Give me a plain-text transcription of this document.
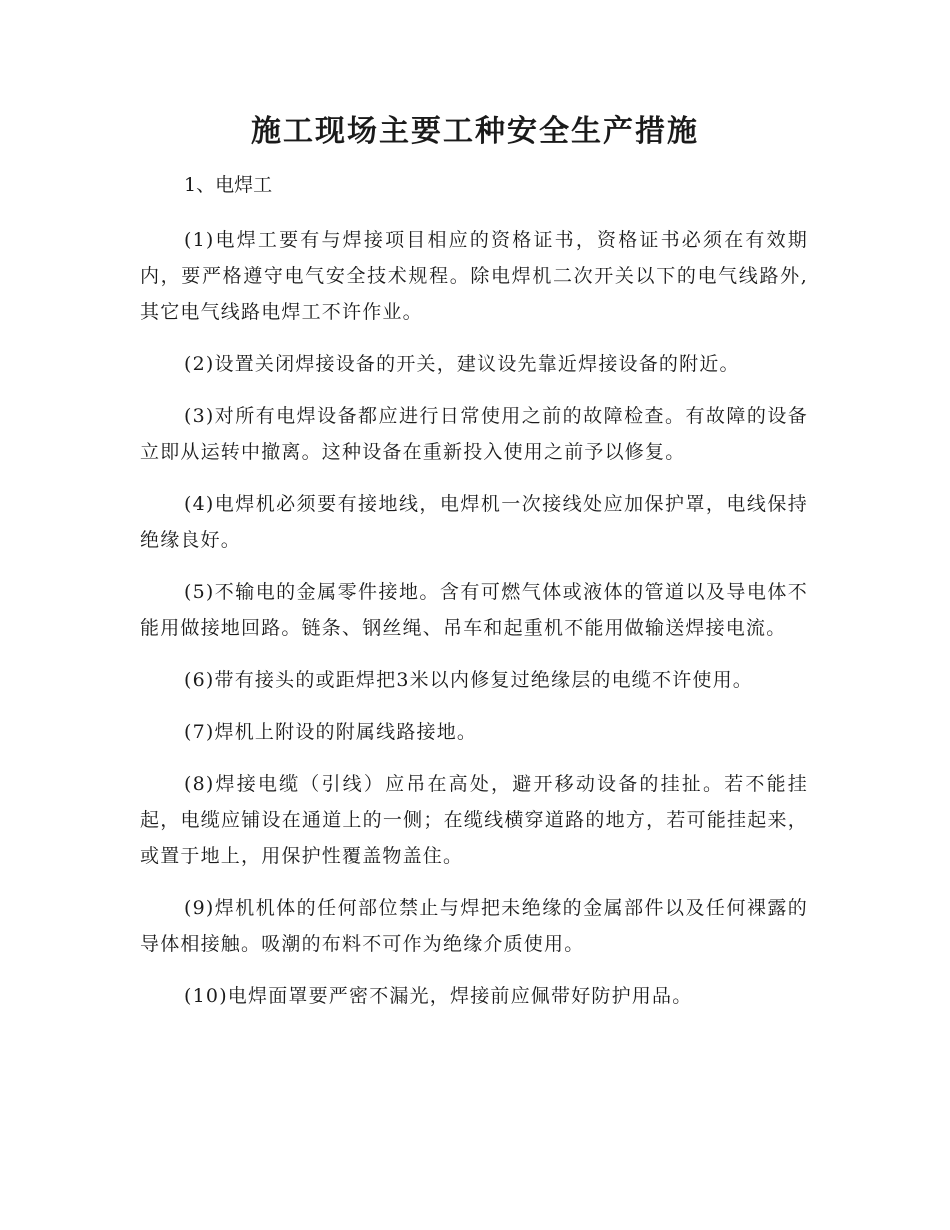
施工现场主要工种安全生产措施

1、电焊工

(1)电焊工要有与焊接项目相应的资格证书，资格证书必须在有效期内，要严格遵守电气安全技术规程。除电焊机二次开关以下的电气线路外,其它电气线路电焊工不许作业。

(2)设置关闭焊接设备的开关，建议设先靠近焊接设备的附近。

(3)对所有电焊设备都应进行日常使用之前的故障检查。有故障的设备立即从运转中撤离。这种设备在重新投入使用之前予以修复。

(4)电焊机必须要有接地线，电焊机一次接线处应加保护罩，电线保持绝缘良好。

(5)不输电的金属零件接地。含有可燃气体或液体的管道以及导电体不能用做接地回路。链条、钢丝绳、吊车和起重机不能用做输送焊接电流。

(6)带有接头的或距焊把3米以内修复过绝缘层的电缆不许使用。

(7)焊机上附设的附属线路接地。

(8)焊接电缆（引线）应吊在高处，避开移动设备的挂扯。若不能挂起，电缆应铺设在通道上的一侧；在缆线横穿道路的地方，若可能挂起来，或置于地上，用保护性覆盖物盖住。

(9)焊机机体的任何部位禁止与焊把未绝缘的金属部件以及任何裸露的导体相接触。吸潮的布料不可作为绝缘介质使用。

(10)电焊面罩要严密不漏光，焊接前应佩带好防护用品。
